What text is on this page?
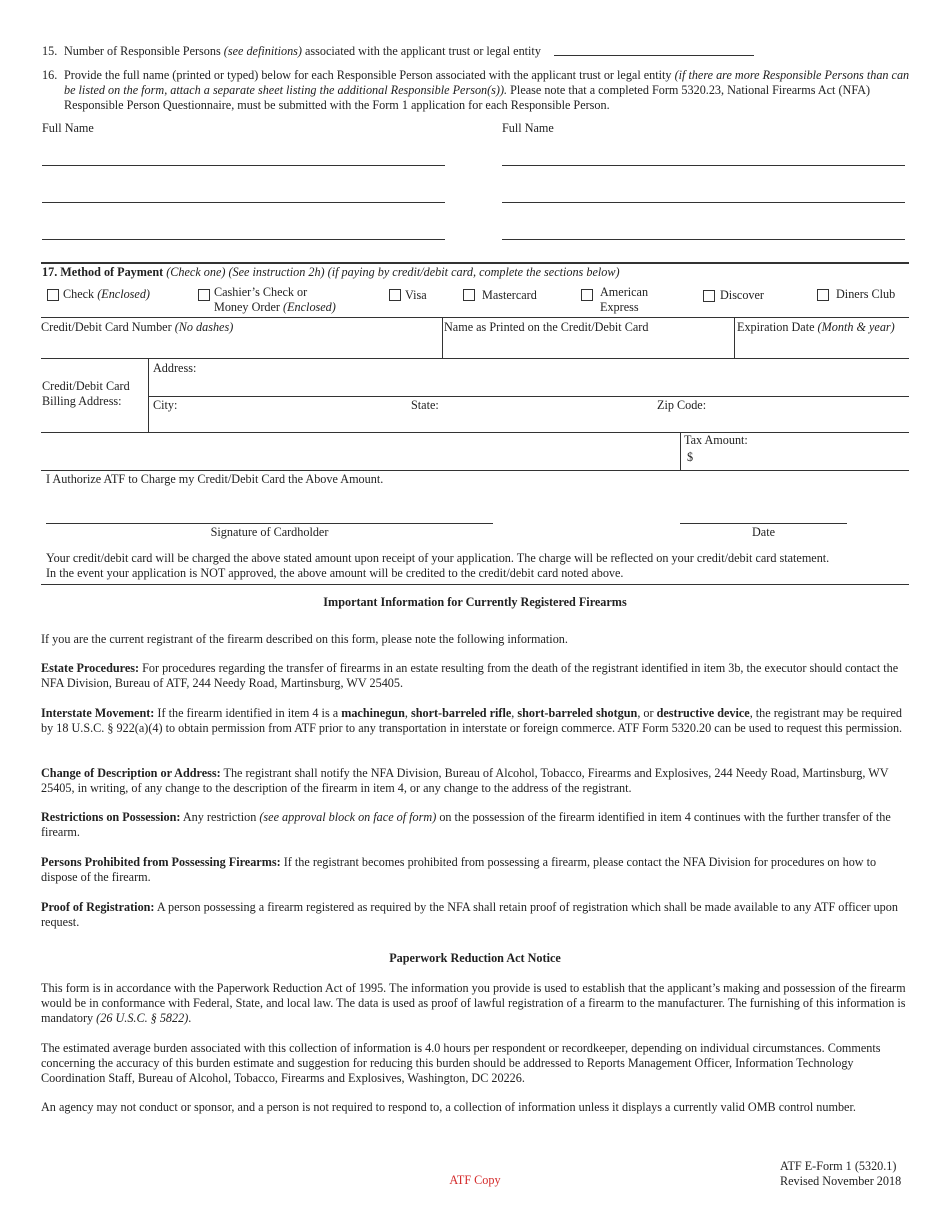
15. Number of Responsible Persons (see definitions) associated with the applicant trust or legal entity
16. Provide the full name (printed or typed) below for each Responsible Person associated with the applicant trust or legal entity (if there are more Responsible Persons than can be listed on the form, attach a separate sheet listing the additional Responsible Person(s)). Please note that a completed Form 5320.23, National Firearms Act (NFA) Responsible Person Questionnaire, must be submitted with the Form 1 application for each Responsible Person.
Full Name	Full Name
17. Method of Payment (Check one) (See instruction 2h) (if paying by credit/debit card, complete the sections below)
Check (Enclosed)	Cashier’s Check or
Money Order (Enclosed)
Visa	Mastercard	American
Express
Discover	Diners Club
Credit/Debit Card Number (No dashes)	Name as Printed on the Credit/Debit Card	Expiration Date (Month & year)
Credit/Debit Card
Billing Address:
Address:
City:	State:	Zip Code:
Tax Amount:
$
I Authorize ATF to Charge my Credit/Debit Card the Above Amount.
Signature of Cardholder	Date
Your credit/debit card will be charged the above stated amount upon receipt of your application. The charge will be reflected on your credit/debit card statement.
In the event your application is NOT approved, the above amount will be credited to the credit/debit card noted above.
Important Information for Currently Registered Firearms
If you are the current registrant of the firearm described on this form, please note the following information.
Estate Procedures: For procedures regarding the transfer of firearms in an estate resulting from the death of the registrant identified in item 3b, the executor should contact the NFA Division, Bureau of ATF, 244 Needy Road, Martinsburg, WV 25405.
Interstate Movement: If the firearm identified in item 4 is a machinegun, short-barreled rifle, short-barreled shotgun, or destructive device, the registrant may be required by 18 U.S.C. § 922(a)(4) to obtain permission from ATF prior to any transportation in interstate or foreign commerce. ATF Form 5320.20 can be used to request this permission.
Change of Description or Address: The registrant shall notify the NFA Division, Bureau of Alcohol, Tobacco, Firearms and Explosives, 244 Needy Road, Martinsburg, WV 25405, in writing, of any change to the description of the firearm in item 4, or any change to the address of the registrant.
Restrictions on Possession: Any restriction (see approval block on face of form) on the possession of the firearm identified in item 4 continues with the further transfer of the firearm.
Persons Prohibited from Possessing Firearms: If the registrant becomes prohibited from possessing a firearm, please contact the NFA Division for procedures on how to dispose of the firearm.
Proof of Registration: A person possessing a firearm registered as required by the NFA shall retain proof of registration which shall be made available to any ATF officer upon request.
Paperwork Reduction Act Notice
This form is in accordance with the Paperwork Reduction Act of 1995. The information you provide is used to establish that the applicant’s making and possession of the firearm would be in conformance with Federal, State, and local law. The data is used as proof of lawful registration of a firearm to the manufacturer. The furnishing of this information is mandatory (26 U.S.C. § 5822).
The estimated average burden associated with this collection of information is 4.0 hours per respondent or recordkeeper, depending on individual circumstances. Comments concerning the accuracy of this burden estimate and suggestion for reducing this burden should be addressed to Reports Management Officer, Information Technology Coordination Staff, Bureau of Alcohol, Tobacco, Firearms and Explosives, Washington, DC 20226.
An agency may not conduct or sponsor, and a person is not required to respond to, a collection of information unless it displays a currently valid OMB control number.
ATF Copy
ATF E-Form 1 (5320.1)
Revised November 2018
